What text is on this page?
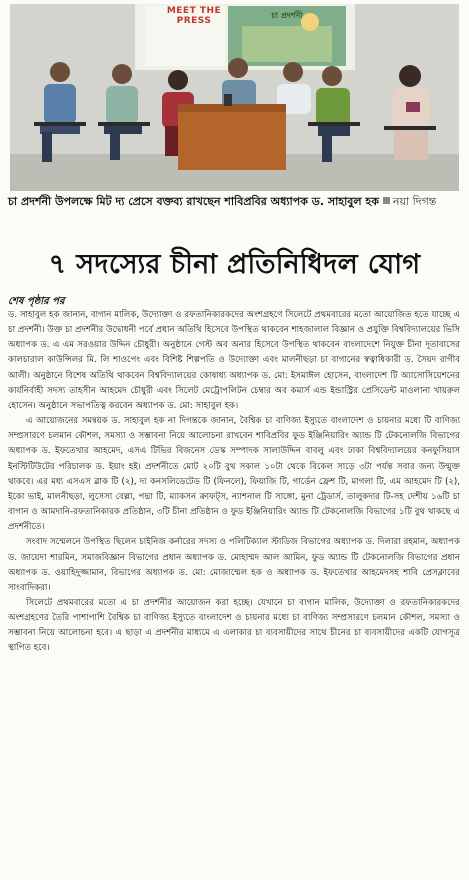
MEET THE PRESS
চা প্রদর্শনী
চা প্রদর্শনী উপলক্ষে মিট দ্য প্রেসে বক্তব্য রাখছেন শাবিপ্রবির অধ্যাপক ড. সাহাবুল হক নয়া দিগন্ত
৭ সদস্যের চীনা প্রতিনিধিদল যোগ
শেষ পৃষ্ঠার পর

ড. সাহাবুল হক জানান, বাগান মালিক, উদ্যোক্তা ও রফতানিকারকদের অংশগ্রহণে সিলেটে প্রথমবারের মতো আয়োজিত হতে যাচ্ছে এ চা প্রদর্শনী। উক্ত চা প্রদর্শনীর উদ্বোধনী পর্বে প্রধান অতিথি হিসেবে উপস্থিত থাকবেন শাহজালাল বিজ্ঞান ও প্রযুক্তি বিশ্ববিদ্যালয়ের ভিসি অধ্যাপক ড. এ এম সরওয়ার উদ্দিন চৌধুরী। অনুষ্ঠানে গেস্ট অব অনার হিসেবে উপস্থিত থাকবেন বাংলাদেশে নিযুক্ত চীনা দূতাবাসের কালচারাল কাউন্সিলর মি. লি শাওপেং এবং বিশিষ্ট শিল্পপতি ও উদ্যোক্তা এবং মালনীছড়া চা বাগানের স্বত্বাধিকারী ড. সৈয়দ রাগীব আলী। অনুষ্ঠানে বিশেষ অতিথি থাকবেন বিশ্ববিদ্যালয়ের কোষাধ্য অধ্যাপক ড. মো: ইসমাঈল হোসেন, বাংলাদেশ টি অ্যাসোসিয়েশনের কার্যনির্বাহী সদস্য তাহসীন আহমেদ চৌধুরী এবং সিলেট মেট্রোপলিটন চেম্বার অব কমার্স এন্ড ইন্ডাস্ট্রির প্রেসিডেন্ট মাওলানা খায়রুল হোসেন। অনুষ্ঠানে সভাপতিত্ব করবেন অধ্যাপক ড. মো: সাহাবুল হক।

এ আয়োজনের সমন্বয়ক ড. সাহাবুল হক না দিগন্তকে জানান, বৈশ্বিক চা বাণিজ্য ইস্যুতে বাংলাদেশ ও চায়নার মধ্যে টি বাণিজ্য সম্প্রসারণে চলমান কৌশল, সমস্যা ও সম্ভাবনা নিয়ে আলোচনা রাখবেন শাবিপ্রবির ফুড ইঞ্জিনিয়ারিং অ্যান্ড টি টেকনোলজি বিভাগের অধ্যাপক ড. ইফতেখার আহমেদ, এসএ টিভির বিজনেস ডেস্ক সম্পাদক সালাউদ্দিন বাবলু এবং ঢাকা বিশ্ববিদ্যালয়ের কনফুসিয়াস ইনস্টিটিউটের পরিচালক ড. ইয়াং হই। প্রদর্শনীতে মোট ২০টি বুথ সকাল ১০টা থেকে বিকেল সাড়ে ৩টা পর্যন্ত সবার জন্য উন্মুক্ত থাকবে। এর মধ্য এসএস ব্লাক টি (২), দ্য কনসলিডেটেড টি (ফিনলে), ফিয়াজি টি, গার্ডেন ফ্রেশ টি, মাগলা টি, এম আহমেদ টি (২), ইকো ভাই, মালনীছড়া, লুসেসা বেল্লা, পদ্মা টি, ম্যাকসন ক্রাফট্স, ন্যাশনাল টি সাঙ্গো, মুনা ট্রেডার্স, তালুকদার টি-সহ দেশীয় ১৬টি চা বাগান ও আমদানি-রফতানিকারক প্রতিষ্ঠান, ৩টি চীনা প্রতিষ্ঠান ও ফুড ইঞ্জিনিয়ারিং অ্যান্ড টি টেকনোলজি বিভাগের ১টি বুথ থাকছে এ প্রদর্শনীতে।

সংবাদ সম্মেলনে উপস্থিত ছিলেন চাইনিজ কর্নারের সদস্য ও পলিটিক্যাল স্টাডিজ বিভাগের অধ্যাপক ড. দিলারা রহমান, অধ্যাপক ড. জায়েদা শারমিন, সমাজবিজ্ঞান বিভাগের প্রধান অধ্যাপক ড. মোহাম্মদ আল আমিন, ফুড অ্যান্ড টি টেকনোলজি বিভাগের প্রধান অধ্যাপক ড. ওয়াহিদুজ্জামান, বিভাগের অধ্যাপক ড. মো: মোজাম্মেল হক ও অধ্যাপক ড. ইফতেখার আহমেদসহ শাবি প্রেসক্লাবের সাংবাদিকরা।

সিলেটে প্রথমবারের মতো এ চা প্রদর্শনীর আয়োজন করা হচ্ছে। যেখানে চা বাগান মালিক, উদ্যোক্তা ও রফতানিকারকদের অংশগ্রহণের তৈরি পাশাপাশি বৈশ্বিক চা বাণিজ্য ইস্যুতে বাংলাদেশ ও চায়নার মধ্যে চা বাণিজ্য সম্প্রসারণে চলমান কৌশল, সমস্যা ও সম্ভাবনা নিয়ে আলোচনা হবে। এ ছাড়া এ প্রদর্শনীর মাধ্যমে এ এলাকার চা ব্যবসায়ীদের সাথে চীনের চা ব্যবসায়ীদের একটি যোগসূত্র স্থাপিত হবে।
